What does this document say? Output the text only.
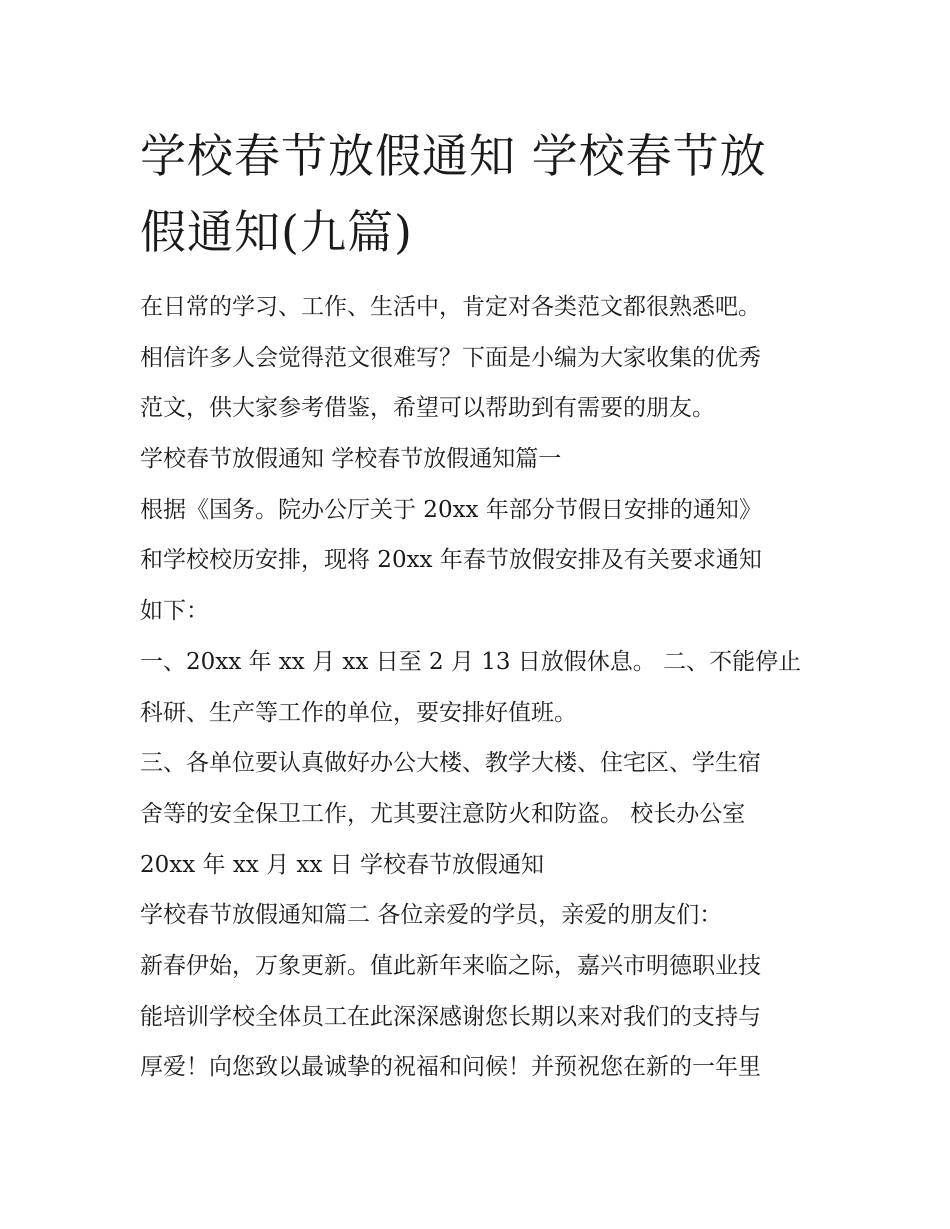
学校春节放假通知 学校春节放
假通知(九篇)
在日常的学习、工作、生活中，肯定对各类范文都很熟悉吧。
相信许多人会觉得范文很难写？下面是小编为大家收集的优秀
范文，供大家参考借鉴，希望可以帮助到有需要的朋友。
学校春节放假通知 学校春节放假通知篇一
根据《国务。院办公厅关于 20xx 年部分节假日安排的通知》
和学校校历安排，现将 20xx 年春节放假安排及有关要求通知
如下：
一、20xx 年 xx 月 xx 日至 2 月 13 日放假休息。 二、不能停止
科研、生产等工作的单位，要安排好值班。
三、各单位要认真做好办公大楼、教学大楼、住宅区、学生宿
舍等的安全保卫工作，尤其要注意防火和防盗。 校长办公室
20xx 年 xx 月 xx 日 学校春节放假通知
学校春节放假通知篇二 各位亲爱的学员，亲爱的朋友们：
新春伊始，万象更新。值此新年来临之际，嘉兴市明德职业技
能培训学校全体员工在此深深感谢您长期以来对我们的支持与
厚爱！向您致以最诚挚的祝福和问候！并预祝您在新的一年里
